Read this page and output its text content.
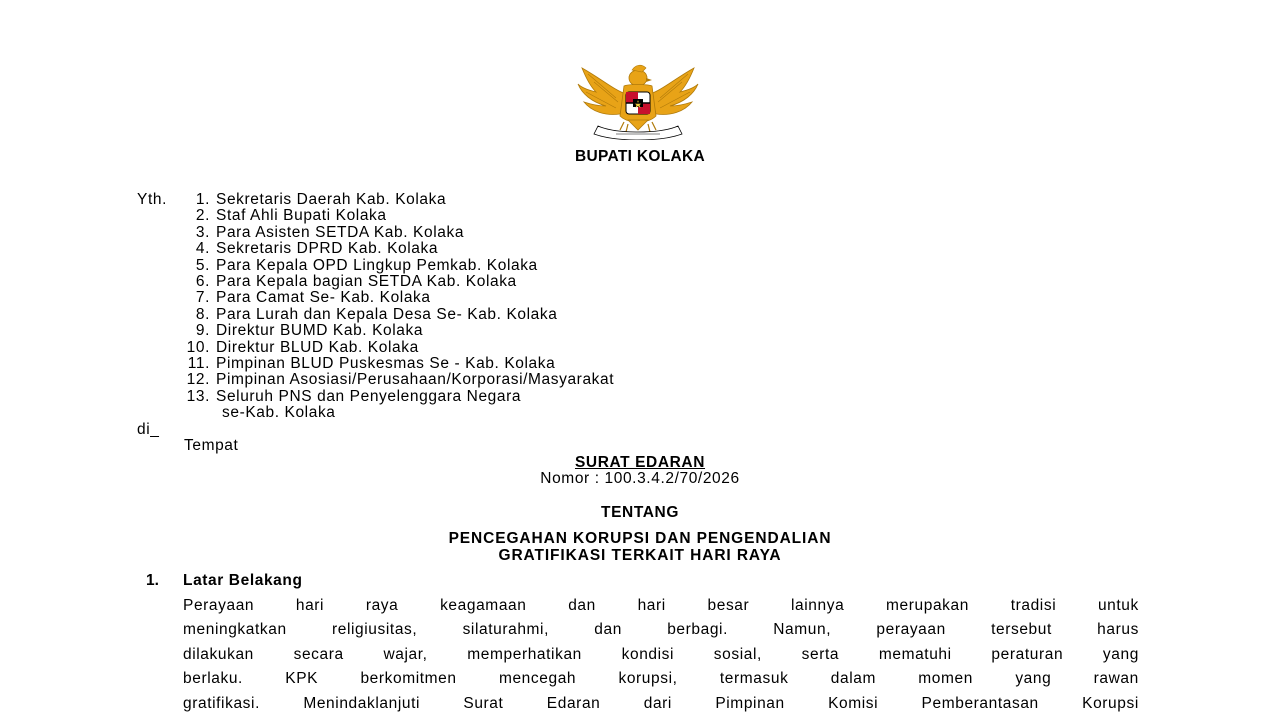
BUPATI KOLAKA
Yth.	1. Sekretaris Daerah Kab. Kolaka
2. Staf Ahli Bupati Kolaka
3. Para Asisten SETDA Kab. Kolaka
4. Sekretaris DPRD Kab. Kolaka
5. Para Kepala OPD Lingkup Pemkab. Kolaka
6. Para Kepala bagian SETDA Kab. Kolaka
7. Para Camat Se- Kab. Kolaka
8. Para Lurah dan Kepala Desa Se- Kab. Kolaka
9. Direktur BUMD Kab. Kolaka
10. Direktur BLUD Kab. Kolaka
11. Pimpinan BLUD Puskesmas Se - Kab. Kolaka
12. Pimpinan Asosiasi/Perusahaan/Korporasi/Masyarakat
13. Seluruh PNS dan Penyelenggara Negara
se-Kab. Kolaka
di_
Tempat
SURAT EDARAN
Nomor : 100.3.4.2/70/2026
TENTANG
PENCEGAHAN KORUPSI DAN PENGENDALIAN
GRATIFIKASI TERKAIT HARI RAYA
1. Latar Belakang
Perayaan	hari	raya	keagamaan	dan	hari	besar	lainnya	merupakan	tradisi	untuk
meningkatkan	religiusitas,	silaturahmi,	dan	berbagi.	Namun,	perayaan	tersebut	harus
dilakukan	secara	wajar,	memperhatikan	kondisi	sosial,	serta	mematuhi	peraturan	yang
berlaku.	KPK	berkomitmen	mencegah	korupsi,	termasuk	dalam	momen	yang	rawan
gratifikasi.	Menindaklanjuti	Surat	Edaran	dari	Pimpinan	Komisi	Pemberantasan	Korupsi
